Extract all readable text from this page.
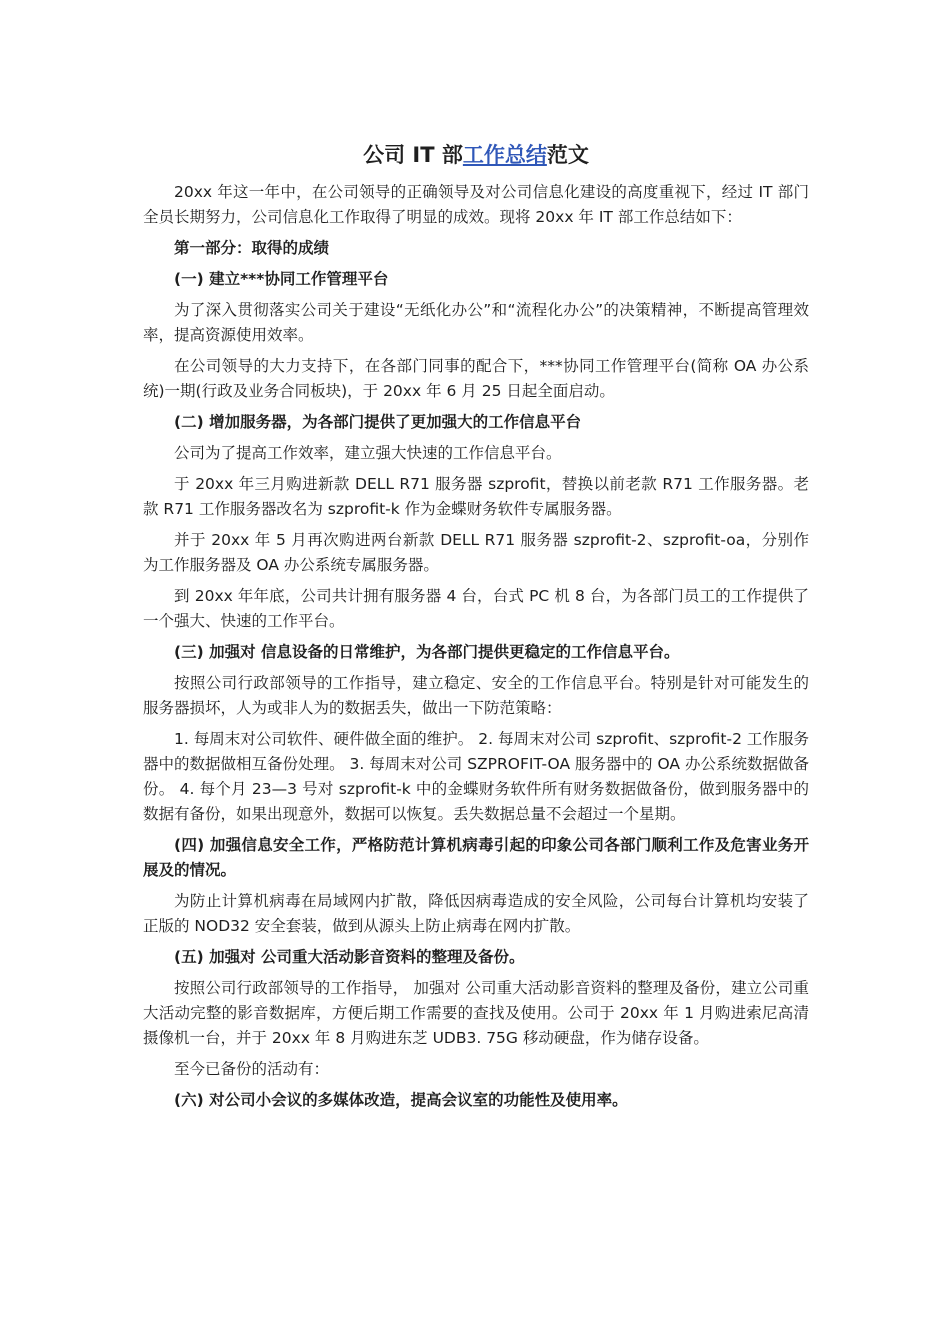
公司 IT 部工作总结范文

20xx 年这一年中，在公司领导的正确领导及对公司信息化建设的高度重视下，经过 IT 部门全员长期努力，公司信息化工作取得了明显的成效。现将 20xx 年 IT 部工作总结如下：

第一部分：取得的成绩

(一) 建立***协同工作管理平台

为了深入贯彻落实公司关于建设“无纸化办公”和“流程化办公”的决策精神，不断提高管理效率，提高资源使用效率。

在公司领导的大力支持下，在各部门同事的配合下，***协同工作管理平台(简称 OA 办公系统)一期(行政及业务合同板块)，于 20xx 年 6 月 25 日起全面启动。

(二) 增加服务器，为各部门提供了更加强大的工作信息平台

公司为了提高工作效率，建立强大快速的工作信息平台。

于 20xx 年三月购进新款 DELL R71 服务器 szprofit，替换以前老款 R71 工作服务器。老款 R71 工作服务器改名为 szprofit-k 作为金蝶财务软件专属服务器。

并于 20xx 年 5 月再次购进两台新款 DELL R71 服务器 szprofit-2、szprofit-oa，分别作为工作服务器及 OA 办公系统专属服务器。

到 20xx 年年底，公司共计拥有服务器 4 台，台式 PC 机 8 台，为各部门员工的工作提供了一个强大、快速的工作平台。

(三) 加强对 信息设备的日常维护，为各部门提供更稳定的工作信息平台。

按照公司行政部领导的工作指导，建立稳定、安全的工作信息平台。特别是针对可能发生的服务器损坏，人为或非人为的数据丢失，做出一下防范策略：

1. 每周末对公司软件、硬件做全面的维护。 2. 每周末对公司 szprofit、szprofit-2 工作服务器中的数据做相互备份处理。 3. 每周末对公司 SZPROFIT-OA 服务器中的 OA 办公系统数据做备份。 4. 每个月 23—3 号对 szprofit-k 中的金蝶财务软件所有财务数据做备份，做到服务器中的数据有备份，如果出现意外，数据可以恢复。丢失数据总量不会超过一个星期。

(四) 加强信息安全工作，严格防范计算机病毒引起的印象公司各部门顺利工作及危害业务开展及的情况。

为防止计算机病毒在局域网内扩散，降低因病毒造成的安全风险，公司每台计算机均安装了正版的 NOD32 安全套装，做到从源头上防止病毒在网内扩散。

(五) 加强对 公司重大活动影音资料的整理及备份。

按照公司行政部领导的工作指导， 加强对 公司重大活动影音资料的整理及备份，建立公司重大活动完整的影音数据库，方便后期工作需要的查找及使用。公司于 20xx 年 1 月购进索尼高清摄像机一台，并于 20xx 年 8 月购进东芝 UDB3. 75G 移动硬盘，作为储存设备。

至今已备份的活动有：

(六) 对公司小会议的多媒体改造，提高会议室的功能性及使用率。
